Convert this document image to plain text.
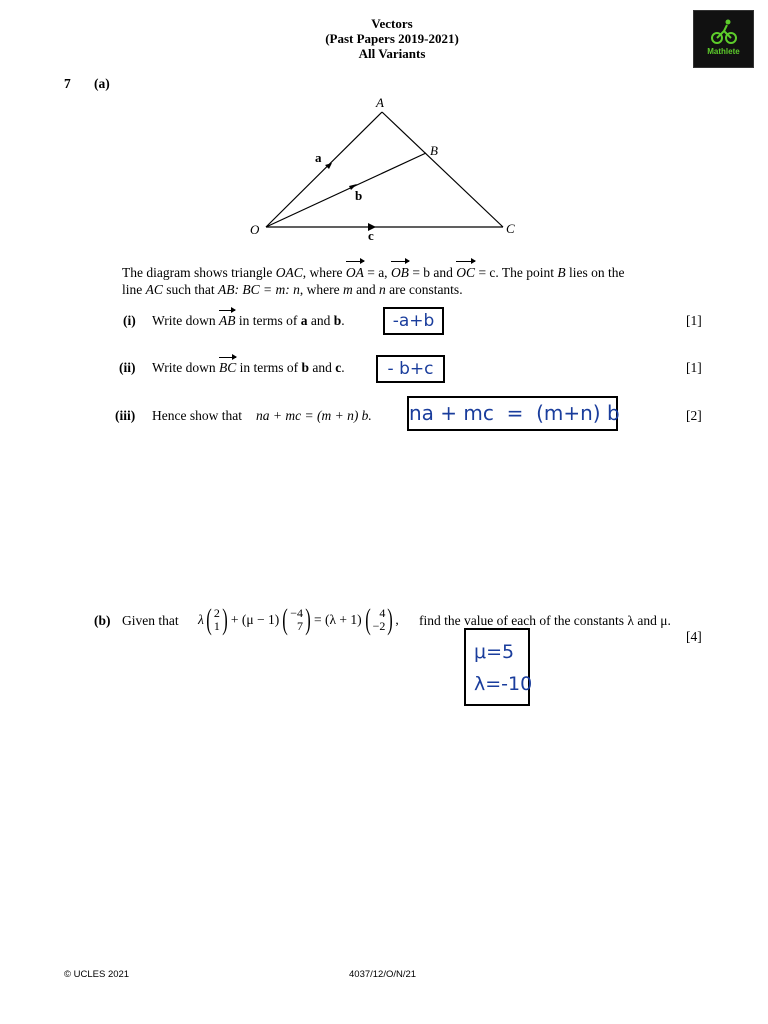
Vectors
(Past Papers 2019-2021)
All Variants	Mathlete
7 (a)
O
A
B
C
a
b
c
The diagram shows triangle OAC, where OA = a, OB = b and OC = c. The point B lies on the
line AC such that AB: BC = m: n, where m and n are constants.
(i) Write down AB in terms of a and b.	-a+b	[1]
(ii) Write down BC in terms of b and c.	- b+c	[1]
(iii) Hence show that na + mc = (m + n) b. na + mc  =  (m+n) b	[2]
(b) Given that λ ( 2
1 ) + (μ − 1) ( −4
7 ) = (λ + 1) ( 4
−2 ) , find the value of each of the constants λ and μ.
[4]
μ=5
λ=-10
© UCLES 2021	4037/12/O/N/21
